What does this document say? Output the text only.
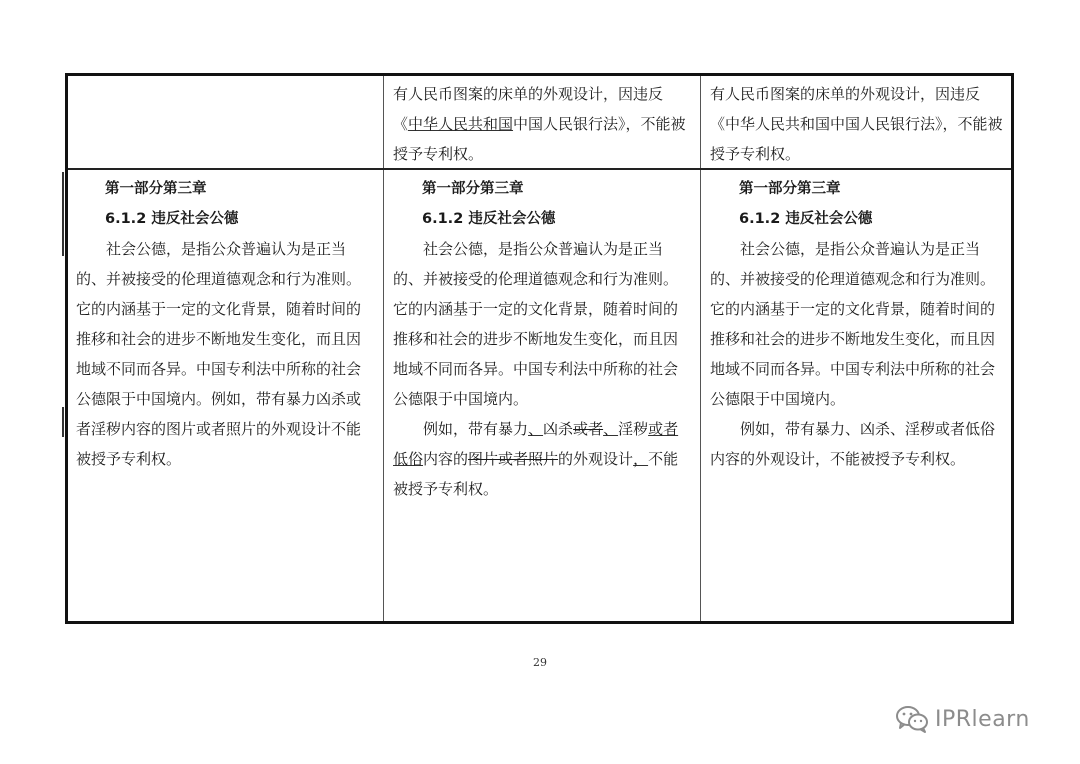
有人民币图案的床单的外观设计，因违反《中华人民共和国中国人民银行法》，不能被授予专利权。

有人民币图案的床单的外观设计，因违反《中华人民共和国中国人民银行法》，不能被授予专利权。

第一部分第三章

6.1.2 违反社会公德

社会公德，是指公众普遍认为是正当的、并被接受的伦理道德观念和行为准则。它的内涵基于一定的文化背景，随着时间的推移和社会的进步不断地发生变化，而且因地域不同而各异。中国专利法中所称的社会公德限于中国境内。例如，带有暴力凶杀或者淫秽内容的图片或者照片的外观设计不能被授予专利权。

第一部分第三章

6.1.2 违反社会公德

社会公德，是指公众普遍认为是正当的、并被接受的伦理道德观念和行为准则。它的内涵基于一定的文化背景，随着时间的推移和社会的进步不断地发生变化，而且因地域不同而各异。中国专利法中所称的社会公德限于中国境内。

例如，带有暴力、凶杀或者、淫秽或者低俗内容的图片或者照片的外观设计，不能被授予专利权。

第一部分第三章

6.1.2 违反社会公德

社会公德，是指公众普遍认为是正当的、并被接受的伦理道德观念和行为准则。它的内涵基于一定的文化背景，随着时间的推移和社会的进步不断地发生变化，而且因地域不同而各异。中国专利法中所称的社会公德限于中国境内。

例如，带有暴力、凶杀、淫秽或者低俗内容的外观设计，不能被授予专利权。

29
IPRlearn
